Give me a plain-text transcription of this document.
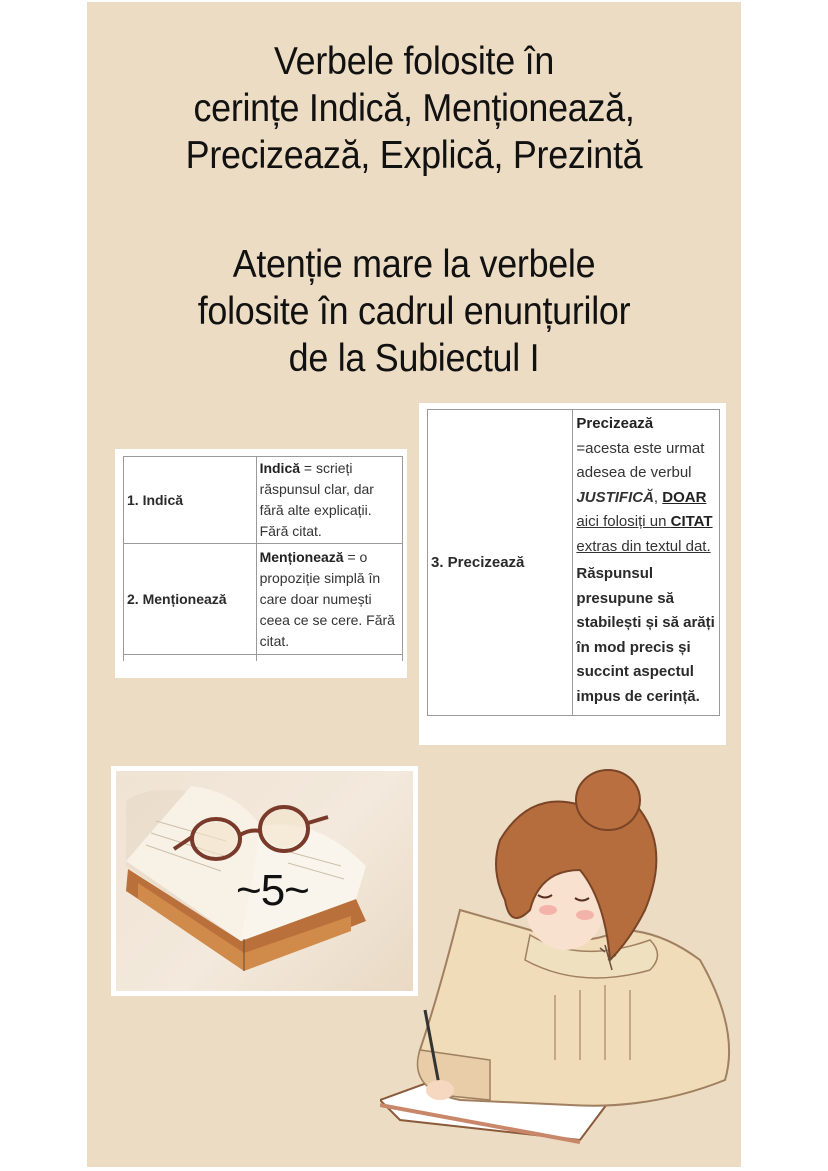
Verbele folosite în
cerințe Indică, Menționează,
Precizează, Explică, Prezintă
Atenție mare la verbele
folosite în cadrul enunțurilor
de la Subiectul I
1. Indică	Indică = scrieți răspunsul clar, dar fără alte explicații. Fără citat.
2. Menționează	Menționează = o propoziție simplă în care doar numești ceea ce se cere. Fără citat.

3. Precizează	Precizează
=acesta este urmat adesea de verbul JUSTIFICĂ, DOAR aici folosiți un CITAT extras din textul dat.
Răspunsul presupune să stabilești și să arăți în mod precis și succint aspectul impus de cerință.
~5~
